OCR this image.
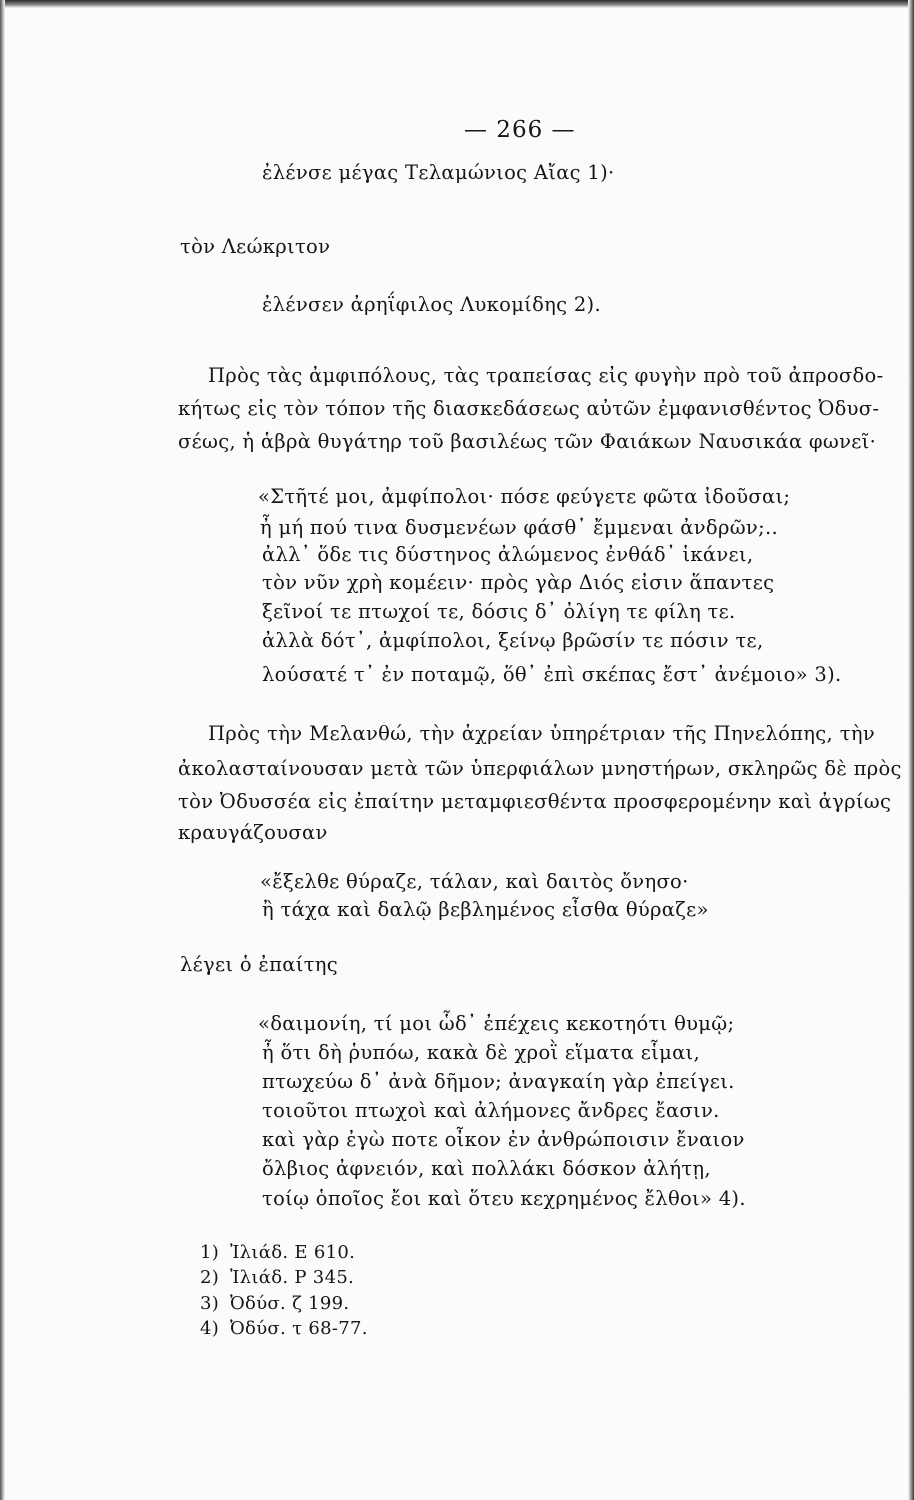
— 266 —

ἐλένσε μέγας Τελαμώνιος Αἴας 1)·

τὸν Λεώκριτον

ἐλένσεν ἀρηΐφιλος Λυκομίδης 2).

Πρὸς τὰς ἀμφιπόλους, τὰς τραπείσας εἰς φυγὴν πρὸ τοῦ ἀπροσδο-

κήτως εἰς τὸν τόπον τῆς διασκεδάσεως αὐτῶν ἐμφανισθέντος Ὀδυσ-

σέως, ἡ ἁβρὰ θυγάτηρ τοῦ βασιλέως τῶν Φαιάκων Ναυσικάα φωνεῖ·

«Στῆτέ μοι, ἀμφίπολοι· πόσε φεύγετε φῶτα ἰδοῦσαι;

ἦ μή πού τινα δυσμενέων φάσθ᾽ ἔμμεναι ἀνδρῶν;..

ἀλλ᾽ ὅδε τις δύστηνος ἀλώμενος ἐνθάδ᾽ ἱκάνει,

τὸν νῦν χρὴ κομέειν· πρὸς γὰρ Διός εἰσιν ἅπαντες

ξεῖνοί τε πτωχοί τε, δόσις δ᾽ ὀλίγη τε φίλη τε.

ἀλλὰ δότ᾽, ἀμφίπολοι, ξείνῳ βρῶσίν τε πόσιν τε,

λούσατέ τ᾽ ἐν ποταμῷ, ὅθ᾽ ἐπὶ σκέπας ἔστ᾽ ἀνέμοιο» 3).

Πρὸς τὴν Μελανθώ, τὴν ἀχρείαν ὑπηρέτριαν τῆς Πηνελόπης, τὴν

ἀκολασταίνουσαν μετὰ τῶν ὑπερφιάλων μνηστήρων, σκληρῶς δὲ πρὸς

τὸν Ὀδυσσέα εἰς ἐπαίτην μεταμφιεσθέντα προσφερομένην καὶ ἀγρίως

κραυγάζουσαν

«ἔξελθε θύραζε, τάλαν, καὶ δαιτὸς ὄνησο·

ἢ τάχα καὶ δαλῷ βεβλημένος εἶσθα θύραζε»

λέγει ὁ ἐπαίτης

«δαιμονίη, τί μοι ὧδ᾽ ἐπέχεις κεκοτηότι θυμῷ;

ἦ ὅτι δὴ ῥυπόω, κακὰ δὲ χροῒ εἵματα εἷμαι,

πτωχεύω δ᾽ ἀνὰ δῆμον; ἀναγκαίη γὰρ ἐπείγει.

τοιοῦτοι πτωχοὶ καὶ ἀλήμονες ἄνδρες ἔασιν.

καὶ γὰρ ἐγὼ ποτε οἶκον ἐν ἀνθρώποισιν ἔναιον

ὄλβιος ἀφνειόν, καὶ πολλάκι δόσκον ἀλήτῃ,

τοίῳ ὁποῖος ἔοι καὶ ὅτευ κεχρημένος ἔλθοι» 4).

1) Ἰλιάδ. Ε 610.

2) Ἰλιάδ. Ρ 345.

3) Ὀδύσ. ζ 199.

4) Ὀδύσ. τ 68-77.
